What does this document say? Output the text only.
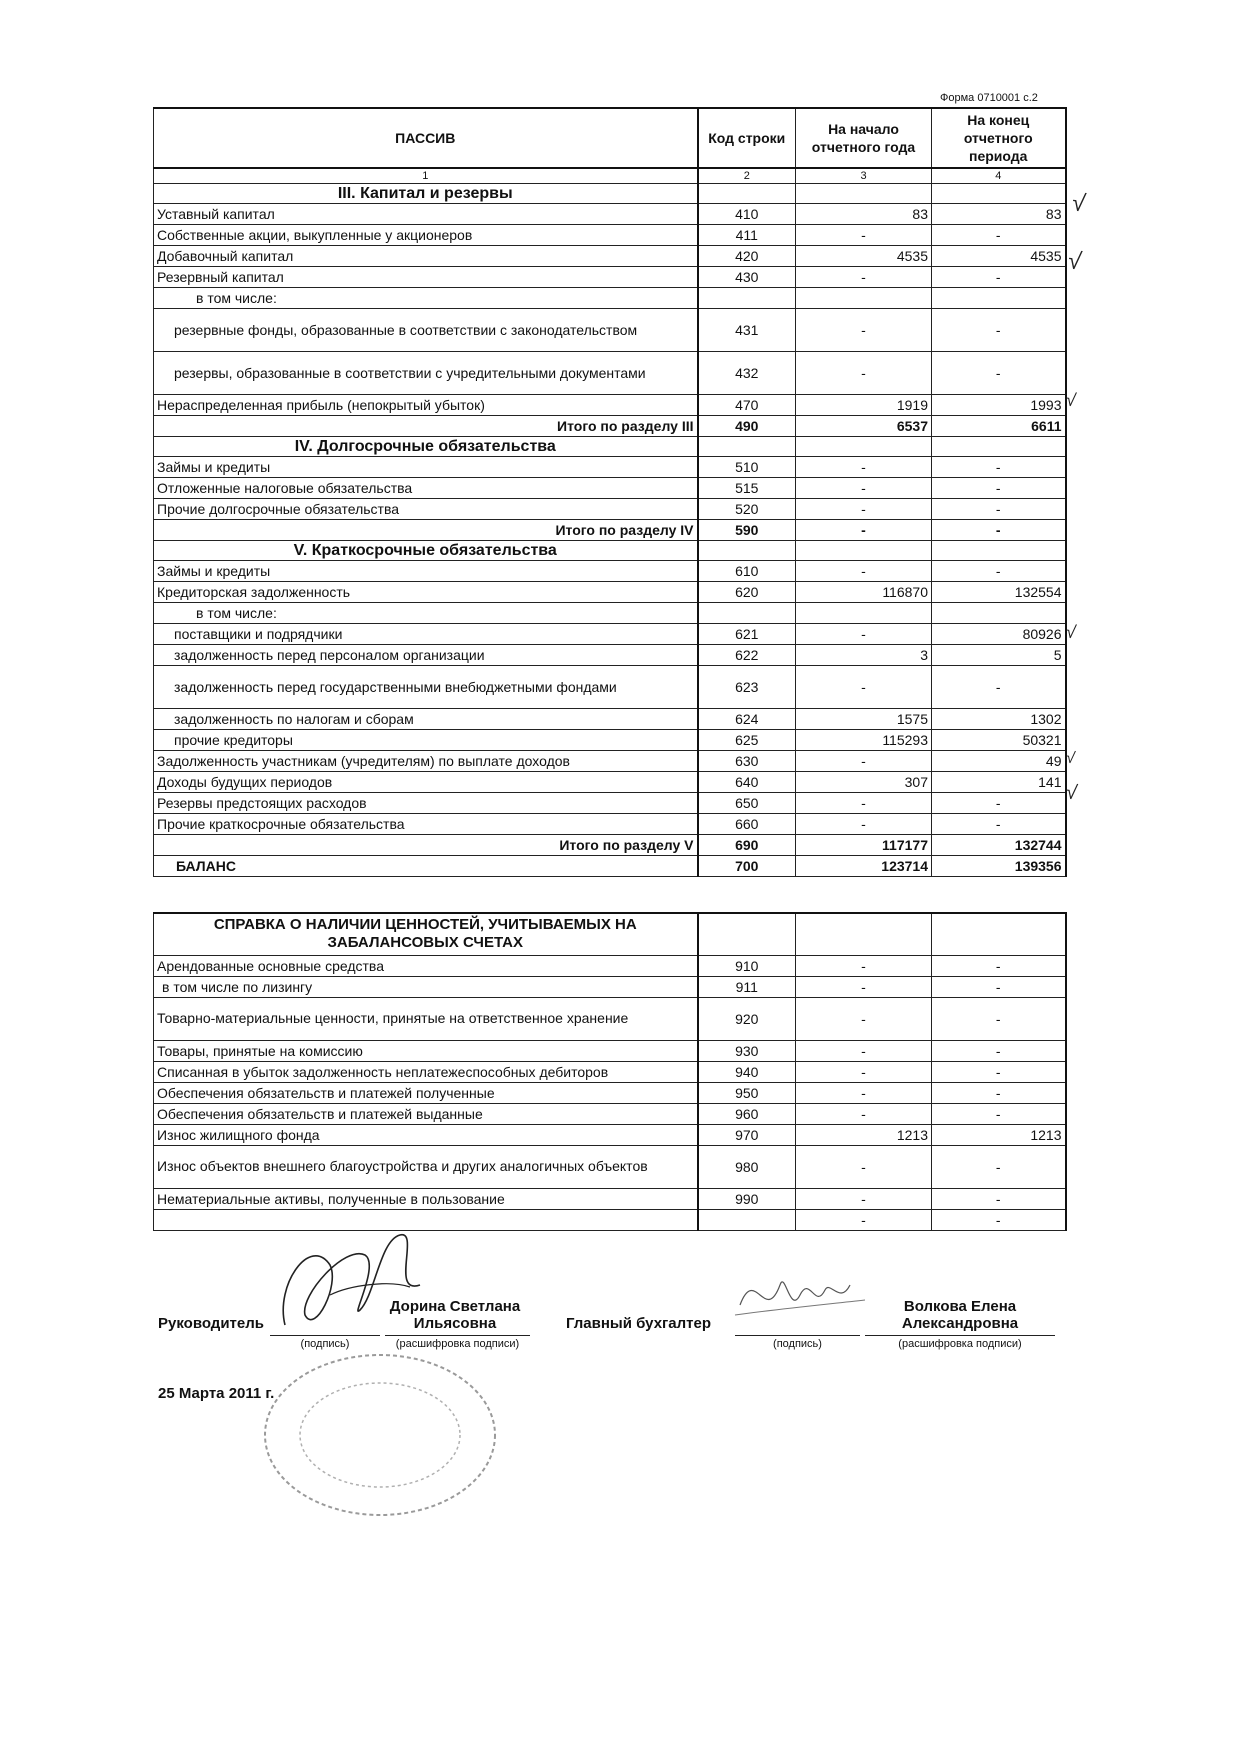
Форма 0710001 с.2
ПАССИВ	Код строки	На начало отчетного года	На конец отчетного периода
1	2	3	4
III. Капитал и резервы			
Уставный капитал	410	83	83
Собственные акции, выкупленные у акционеров	411	-	-
Добавочный капитал	420	4535	4535
Резервный капитал	430	-	-
в том числе:			
резервные фонды, образованные в соответствии с законодательством	431	-	-
резервы, образованные в соответствии с учредительными документами	432	-	-
Нераспределенная прибыль (непокрытый убыток)	470	1919	1993
Итого по разделу III	490	6537	6611
IV. Долгосрочные обязательства			
Займы и кредиты	510	-	-
Отложенные налоговые обязательства	515	-	-
Прочие долгосрочные обязательства	520	-	-
Итого по разделу IV	590	-	-
V. Краткосрочные обязательства			
Займы и кредиты	610	-	-
Кредиторская задолженность	620	116870	132554
в том числе:			
поставщики и подрядчики	621	-	80926
задолженность перед персоналом организации	622	3	5
задолженность перед государственными внебюджетными фондами	623	-	-
задолженность по налогам и сборам	624	1575	1302
прочие кредиторы	625	115293	50321
Задолженность участникам (учредителям) по выплате доходов	630	-	49
Доходы будущих периодов	640	307	141
Резервы предстоящих расходов	650	-	-
Прочие краткосрочные обязательства	660	-	-
Итого по разделу V	690	117177	132744
БАЛАНС	700	123714	139356
СПРАВКА О НАЛИЧИИ ЦЕННОСТЕЙ, УЧИТЫВАЕМЫХ НА ЗАБАЛАНСОВЫХ СЧЕТАХ			
Арендованные основные средства	910	-	-
в том числе по лизингу	911	-	-
Товарно-материальные ценности, принятые на ответственное хранение	920	-	-
Товары, принятые на комиссию	930	-	-
Списанная в убыток задолженность неплатежеспособных дебиторов	940	-	-
Обеспечения обязательств и платежей полученные	950	-	-
Обеспечения обязательств и платежей выданные	960	-	-
Износ жилищного фонда	970	1213	1213
Износ объектов внешнего благоустройства и других аналогичных объектов	980	-	-
Нематериальные активы, полученные в пользование	990	-	-
		-	-
√
√
√
√
√
√
Руководитель
(подпись)
Дорина Светлана Ильясовна
(расшифровка подписи)
Главный бухгалтер
(подпись)
Волкова Елена Александровна
(расшифровка подписи)
25 Марта 2011 г.
